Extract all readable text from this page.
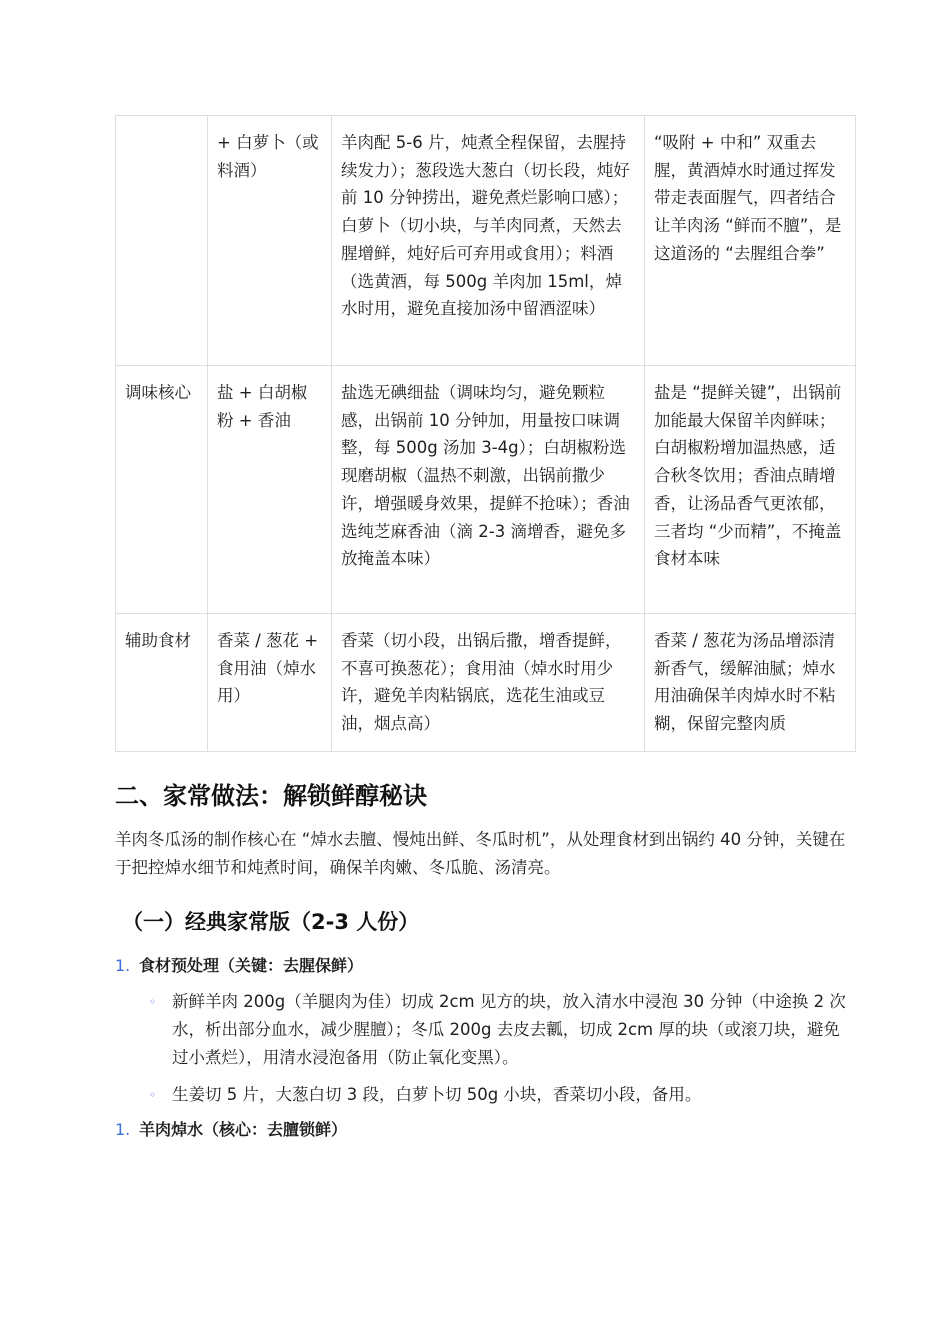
	+ 白萝卜（或料酒）	羊肉配 5-6 片，炖煮全程保留，去腥持续发力）；葱段选大葱白（切长段，炖好前 10 分钟捞出，避免煮烂影响口感）；白萝卜（切小块，与羊肉同煮，天然去腥增鲜，炖好后可弃用或食用）；料酒（选黄酒，每 500g 羊肉加 15ml，焯水时用，避免直接加汤中留酒涩味）	“吸附 + 中和” 双重去腥，黄酒焯水时通过挥发带走表面腥气，四者结合让羊肉汤 “鲜而不膻”，是这道汤的 “去腥组合拳”
调味核心	盐 + 白胡椒粉 + 香油	盐选无碘细盐（调味均匀，避免颗粒感，出锅前 10 分钟加，用量按口味调整，每 500g 汤加 3-4g）；白胡椒粉选现磨胡椒（温热不刺激，出锅前撒少许，增强暖身效果，提鲜不抢味）；香油选纯芝麻香油（滴 2-3 滴增香，避免多放掩盖本味）	盐是 “提鲜关键”，出锅前加能最大保留羊肉鲜味；白胡椒粉增加温热感，适合秋冬饮用；香油点睛增香，让汤品香气更浓郁，三者均 “少而精”，不掩盖食材本味
辅助食材	香菜 / 葱花 + 食用油（焯水用）	香菜（切小段，出锅后撒，增香提鲜，不喜可换葱花）；食用油（焯水时用少许，避免羊肉粘锅底，选花生油或豆油，烟点高）	香菜 / 葱花为汤品增添清新香气，缓解油腻；焯水用油确保羊肉焯水时不粘糊，保留完整肉质
二、家常做法：解锁鲜醇秘诀

羊肉冬瓜汤的制作核心在 “焯水去膻、慢炖出鲜、冬瓜时机”，从处理食材到出锅约 40 分钟，关键在于把控焯水细节和炖煮时间，确保羊肉嫩、冬瓜脆、汤清亮。

（一）经典家常版（2-3 人份）
1. 食材预处理（关键：去腥保鲜）
◦ 新鲜羊肉 200g（羊腿肉为佳）切成 2cm 见方的块，放入清水中浸泡 30 分钟（中途换 2 次水，析出部分血水，减少腥膻）；冬瓜 200g 去皮去瓤，切成 2cm 厚的块（或滚刀块，避免过小煮烂），用清水浸泡备用（防止氧化变黑）。
◦ 生姜切 5 片，大葱白切 3 段，白萝卜切 50g 小块，香菜切小段，备用。
1. 羊肉焯水（核心：去膻锁鲜）
